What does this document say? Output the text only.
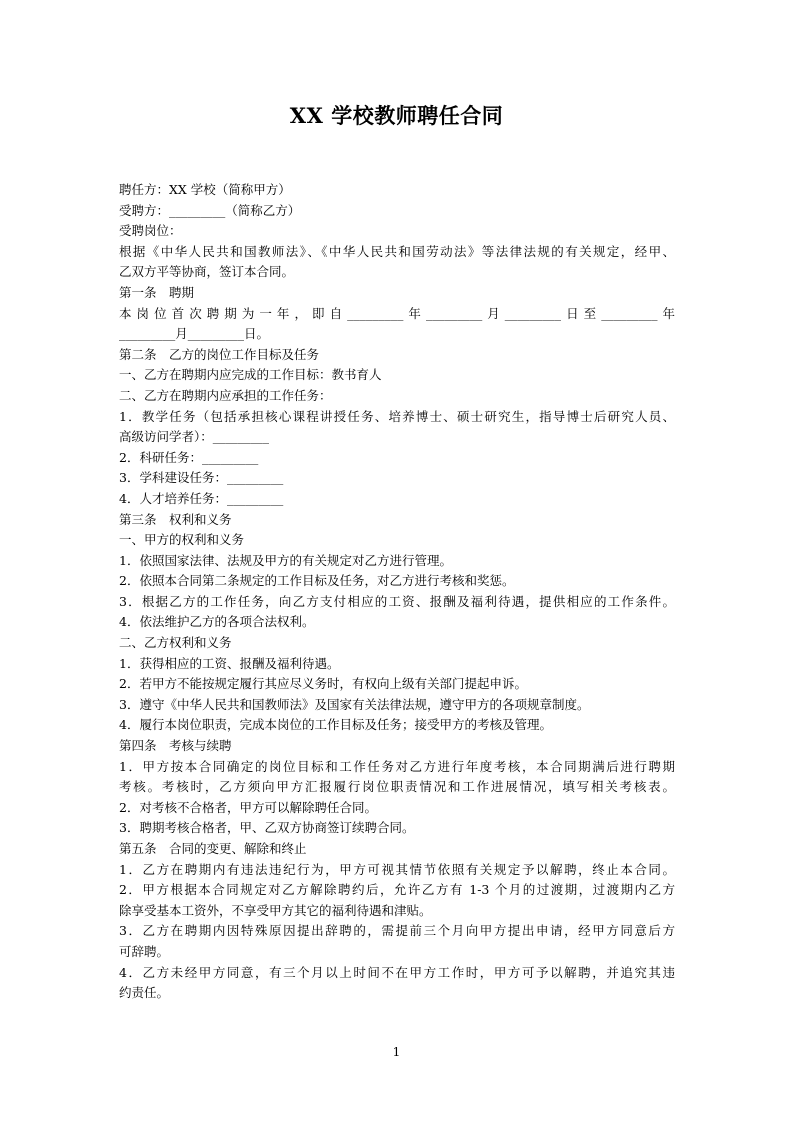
XX 学校教师聘任合同
聘任方：XX 学校（简称甲方）
受聘方：_________（简称乙方）
受聘岗位：
根据《中华人民共和国教师法》、《中华人民共和国劳动法》等法律法规的有关规定，经甲、
乙双方平等协商，签订本合同。
第一条　聘期
本岗位首次聘期为一年，即自_________年_________月_________日至_________年
_________月_________日。
第二条　乙方的岗位工作目标及任务
一、乙方在聘期内应完成的工作目标：教书育人
二、乙方在聘期内应承担的工作任务：
1．教学任务（包括承担核心课程讲授任务、培养博士、硕士研究生，指导博士后研究人员、
高级访问学者）：_________
2．科研任务：_________
3．学科建设任务：_________
4．人才培养任务：_________
第三条　权利和义务
一、甲方的权利和义务
1．依照国家法律、法规及甲方的有关规定对乙方进行管理。
2．依照本合同第二条规定的工作目标及任务，对乙方进行考核和奖惩。
3．根据乙方的工作任务，向乙方支付相应的工资、报酬及福利待遇，提供相应的工作条件。
4．依法维护乙方的各项合法权利。
二、乙方权利和义务
1．获得相应的工资、报酬及福利待遇。
2．若甲方不能按规定履行其应尽义务时，有权向上级有关部门提起申诉。
3．遵守《中华人民共和国教师法》及国家有关法律法规，遵守甲方的各项规章制度。
4．履行本岗位职责，完成本岗位的工作目标及任务；接受甲方的考核及管理。
第四条　考核与续聘
1．甲方按本合同确定的岗位目标和工作任务对乙方进行年度考核，本合同期满后进行聘期
考核。考核时，乙方须向甲方汇报履行岗位职责情况和工作进展情况，填写相关考核表。
2．对考核不合格者，甲方可以解除聘任合同。
3．聘期考核合格者，甲、乙双方协商签订续聘合同。
第五条　合同的变更、解除和终止
1．乙方在聘期内有违法违纪行为，甲方可视其情节依照有关规定予以解聘，终止本合同。
2．甲方根据本合同规定对乙方解除聘约后，允许乙方有 1-3 个月的过渡期，过渡期内乙方
除享受基本工资外，不享受甲方其它的福利待遇和津贴。
3．乙方在聘期内因特殊原因提出辞聘的，需提前三个月向甲方提出申请，经甲方同意后方
可辞聘。
4．乙方未经甲方同意，有三个月以上时间不在甲方工作时，甲方可予以解聘，并追究其违
约责任。
1
